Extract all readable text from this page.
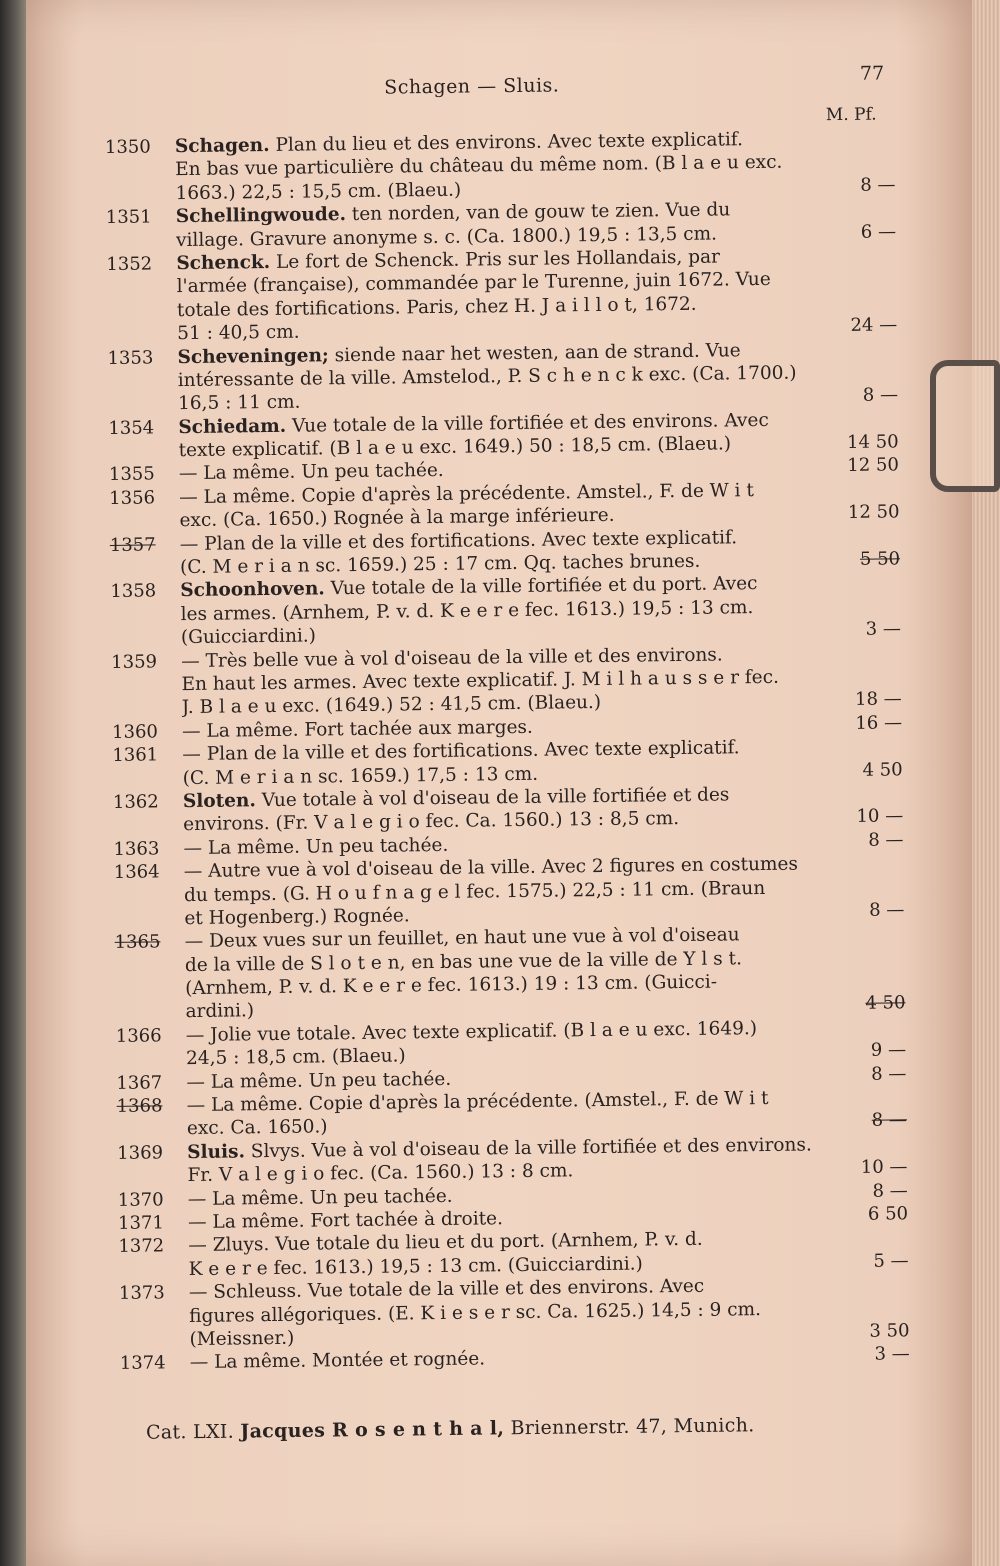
Schagen — Sluis.
77
M. Pf.
1350	Schagen. Plan du lieu et des environs. Avec texte explicatif.
En bas vue particulière du château du même nom. (B l a e u exc.
1663.) 22,5 : 15,5 cm. (Blaeu.)	8 —
1351	Schellingwoude. ten norden, van de gouw te zien. Vue du
village. Gravure anonyme s. c. (Ca. 1800.) 19,5 : 13,5 cm.	6 —
1352	Schenck. Le fort de Schenck. Pris sur les Hollandais, par
l'armée (française), commandée par le Turenne, juin 1672. Vue
totale des fortifications. Paris, chez H. J a i l l o t, 1672.
51 : 40,5 cm.	24 —
1353	Scheveningen; siende naar het westen, aan de strand. Vue
intéressante de la ville. Amstelod., P. S c h e n c k exc. (Ca. 1700.)
16,5 : 11 cm.	8 —
1354	Schiedam. Vue totale de la ville fortifiée et des environs. Avec
texte explicatif. (B l a e u exc. 1649.) 50 : 18,5 cm. (Blaeu.)	14 50
1355	— La même. Un peu tachée.	12 50
1356	— La même. Copie d'après la précédente. Amstel., F. de W i t
exc. (Ca. 1650.) Rognée à la marge inférieure.	12 50
1357	— Plan de la ville et des fortifications. Avec texte explicatif.
(C. M e r i a n sc. 1659.) 25 : 17 cm. Qq. taches brunes.	5 50
1358	Schoonhoven. Vue totale de la ville fortifiée et du port. Avec
les armes. (Arnhem, P. v. d. K e e r e fec. 1613.) 19,5 : 13 cm.
(Guicciardini.)	3 —
1359	— Très belle vue à vol d'oiseau de la ville et des environs.
En haut les armes. Avec texte explicatif. J. M i l h a u s s e r fec.
J. B l a e u exc. (1649.) 52 : 41,5 cm. (Blaeu.)	18 —
1360	— La même. Fort tachée aux marges.	16 —
1361	— Plan de la ville et des fortifications. Avec texte explicatif.
(C. M e r i a n sc. 1659.) 17,5 : 13 cm.	4 50
1362	Sloten. Vue totale à vol d'oiseau de la ville fortifiée et des
environs. (Fr. V a l e g i o fec. Ca. 1560.) 13 : 8,5 cm.	10 —
1363	— La même. Un peu tachée.	8 —
1364	— Autre vue à vol d'oiseau de la ville. Avec 2 figures en costumes
du temps. (G. H o u f n a g e l fec. 1575.) 22,5 : 11 cm. (Braun
et Hogenberg.) Rognée.	8 —
1365	— Deux vues sur un feuillet, en haut une vue à vol d'oiseau
de la ville de S l o t e n, en bas une vue de la ville de Y l s t.
(Arnhem, P. v. d. K e e r e fec. 1613.) 19 : 13 cm. (Guicci-
ardini.)	4 50
1366	— Jolie vue totale. Avec texte explicatif. (B l a e u exc. 1649.)
24,5 : 18,5 cm. (Blaeu.)	9 —
1367	— La même. Un peu tachée.	8 —
1368	— La même. Copie d'après la précédente. (Amstel., F. de W i t
exc. Ca. 1650.)	8 —
1369	Sluis. Slvys. Vue à vol d'oiseau de la ville fortifiée et des environs.
Fr. V a l e g i o fec. (Ca. 1560.) 13 : 8 cm.	10 —
1370	— La même. Un peu tachée.	8 —
1371	— La même. Fort tachée à droite.	6 50
1372	— Zluys. Vue totale du lieu et du port. (Arnhem, P. v. d.
K e e r e fec. 1613.) 19,5 : 13 cm. (Guicciardini.)	5 —
1373	— Schleuss. Vue totale de la ville et des environs. Avec
figures allégoriques. (E. K i e s e r sc. Ca. 1625.) 14,5 : 9 cm.
(Meissner.)	3 50
1374	— La même. Montée et rognée.	3 —
Cat. LXI. Jacques R o s e n t h a l, Briennerstr. 47, Munich.
